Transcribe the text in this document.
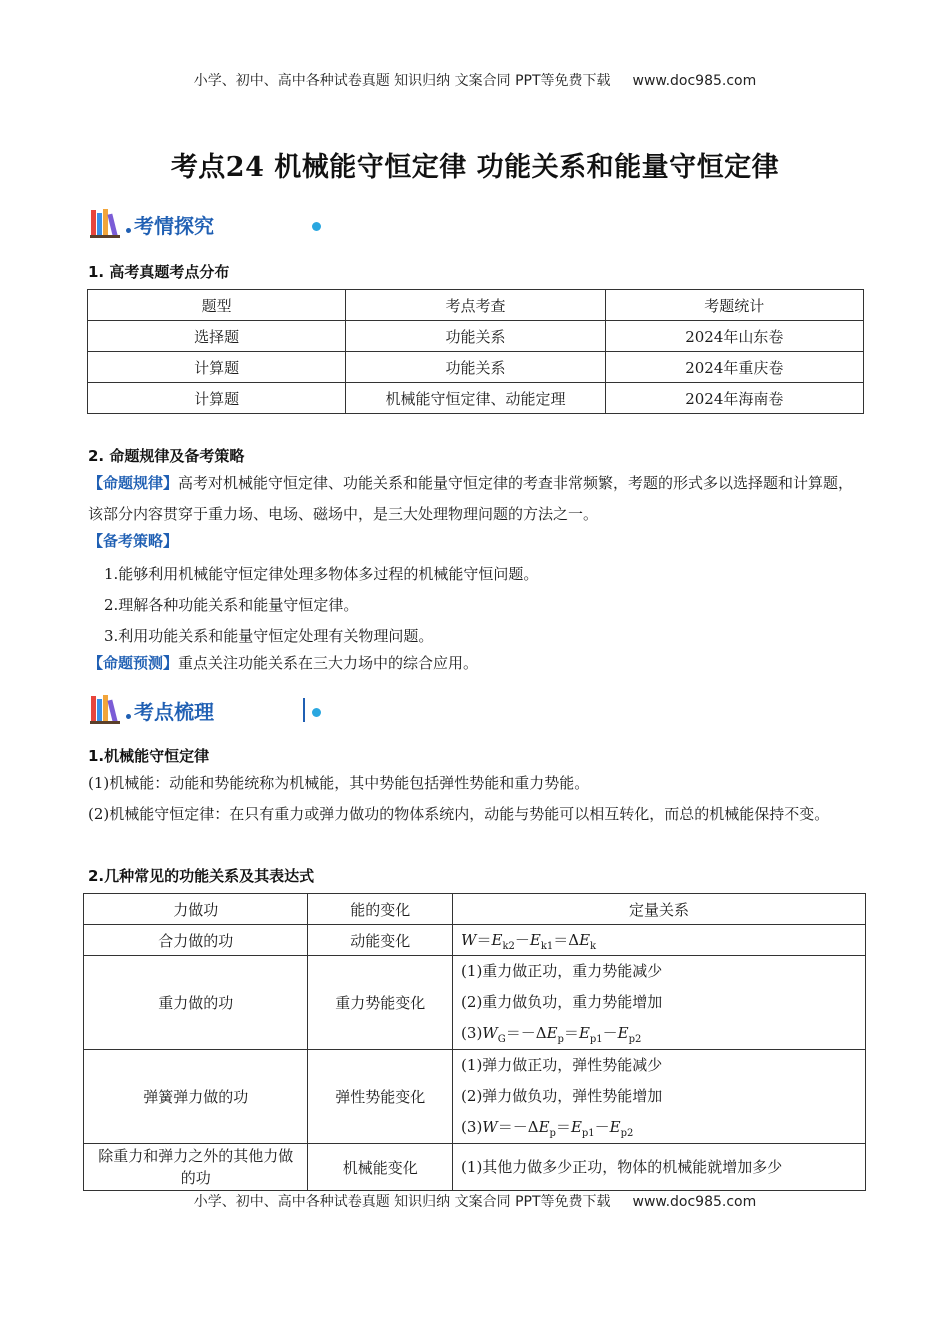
小学、初中、高中各种试卷真题 知识归纳 文案合同 PPT等免费下载 www.doc985.com
考点24 机械能守恒定律 功能关系和能量守恒定律
考情探究
1. 高考真题考点分布
题型	考点考查	考题统计
选择题	功能关系	2024年山东卷
计算题	功能关系	2024年重庆卷
计算题	机械能守恒定律、动能定理	2024年海南卷
2. 命题规律及备考策略
【命题规律】高考对机械能守恒定律、功能关系和能量守恒定律的考查非常频繁，考题的形式多以选择题和计算题，该部分内容贯穿于重力场、电场、磁场中，是三大处理物理问题的方法之一。
【备考策略】
1.能够利用机械能守恒定律处理多物体多过程的机械能守恒问题。
2.理解各种功能关系和能量守恒定律。
3.利用功能关系和能量守恒定处理有关物理问题。
【命题预测】重点关注功能关系在三大力场中的综合应用。
考点梳理
1.机械能守恒定律
(1)机械能：动能和势能统称为机械能，其中势能包括弹性势能和重力势能。
(2)机械能守恒定律：在只有重力或弹力做功的物体系统内，动能与势能可以相互转化，而总的机械能保持不变。
2.几种常见的功能关系及其表达式
力做功	能的变化	定量关系
合力做的功	动能变化	$W=E_{k2}-E_{k1}=\Delta E_k$
重力做的功	重力势能变化	(1)重力做正功，重力势能减少
(2)重力做负功，重力势能增加
$(3)W_G=-\Delta E_p=E_{p1}-E_{p2}$

弹簧弹力做的功	弹性势能变化	(1)弹力做正功，弹性势能减少
(2)弹力做负功，弹性势能增加
$(3)W=-\Delta E_p=E_{p1}-E_{p2}$

除重力和弹力之外的其他力做的功	机械能变化	(1)其他力做多少正功，物体的机械能就增加多少
小学、初中、高中各种试卷真题 知识归纳 文案合同 PPT等免费下载 www.doc985.com
